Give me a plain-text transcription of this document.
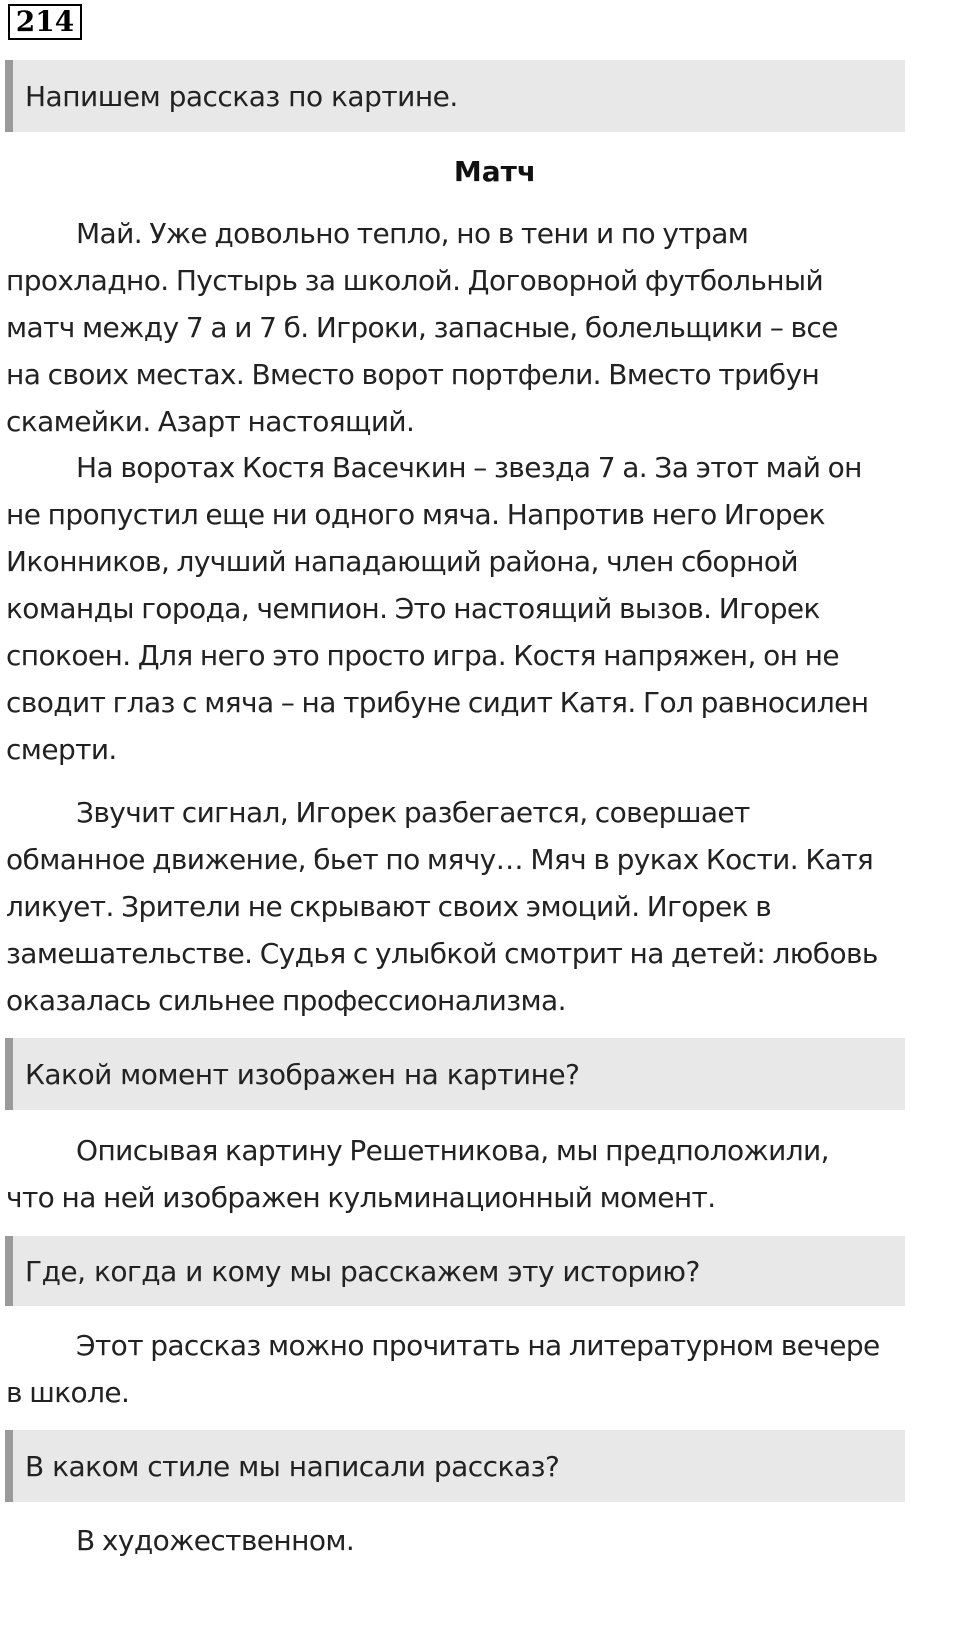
214
Напишем рассказ по картине.
Матч

Май. Уже довольно тепло, но в тени и по утрам

прохладно. Пустырь за школой. Договорной футбольный

матч между 7 а и 7 б. Игроки, запасные, болельщики – все

на своих местах. Вместо ворот портфели. Вместо трибун

скамейки. Азарт настоящий.

На воротах Костя Васечкин – звезда 7 а. За этот май он

не пропустил еще ни одного мяча. Напротив него Игорек

Иконников, лучший нападающий района, член сборной

команды города, чемпион. Это настоящий вызов. Игорек

спокоен. Для него это просто игра. Костя напряжен, он не

сводит глаз с мяча – на трибуне сидит Катя. Гол равносилен

смерти.

Звучит сигнал, Игорек разбегается, совершает

обманное движение, бьет по мячу… Мяч в руках Кости. Катя

ликует. Зрители не скрывают своих эмоций. Игорек в

замешательстве. Судья с улыбкой смотрит на детей: любовь

оказалась сильнее профессионализма.

Какой момент изображен на картине?

Описывая картину Решетникова, мы предположили,

что на ней изображен кульминационный момент.

Где, когда и кому мы расскажем эту историю?

Этот рассказ можно прочитать на литературном вечере

в школе.

В каком стиле мы написали рассказ?

В художественном.
